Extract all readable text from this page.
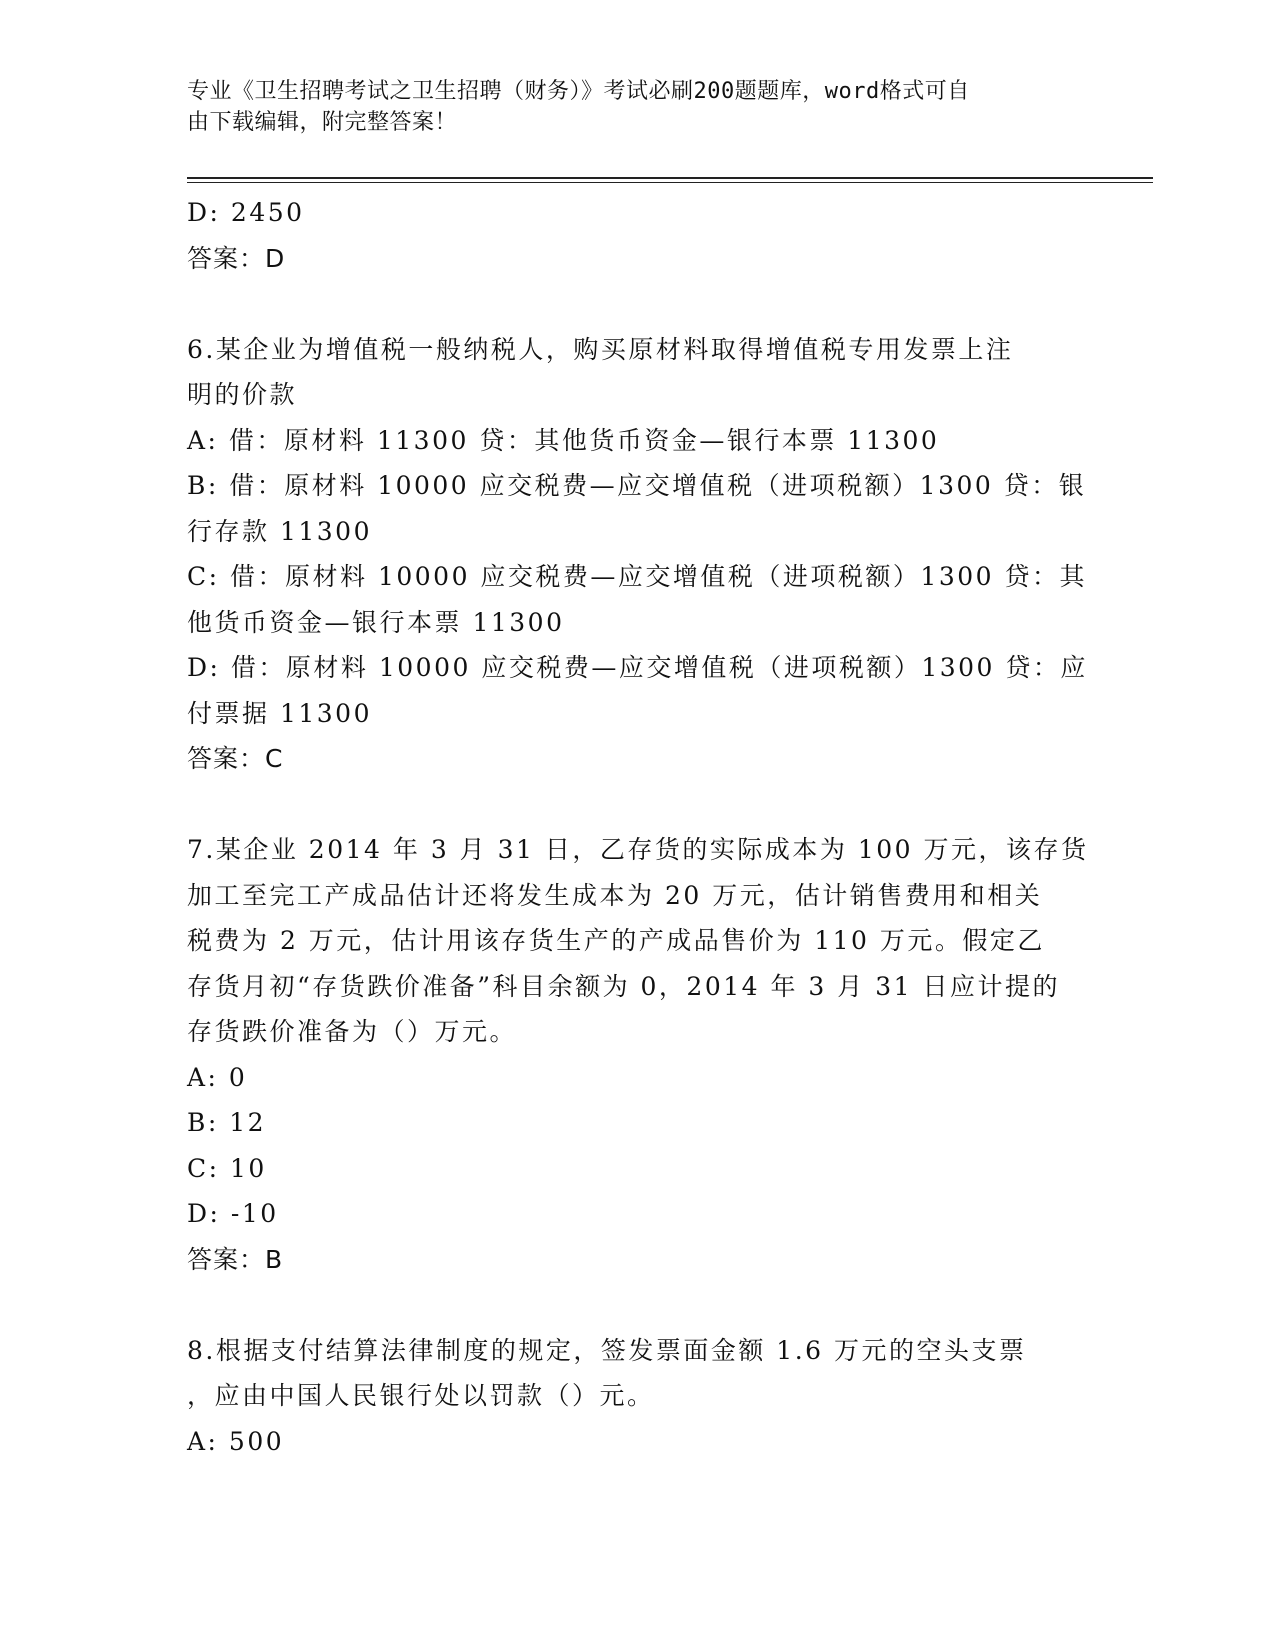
专业《卫生招聘考试之卫生招聘（财务）》考试必刷200题题库，word格式可自
由下载编辑，附完整答案！
D: 2450
答案：D
6.某企业为增值税一般纳税人，购买原材料取得增值税专用发票上注
明的价款
A: 借：原材料 11300 贷：其他货币资金—银行本票 11300
B: 借：原材料 10000 应交税费—应交增值税（进项税额）1300 贷：银
行存款 11300
C: 借：原材料 10000 应交税费—应交增值税（进项税额）1300 贷：其
他货币资金—银行本票 11300
D: 借：原材料 10000 应交税费—应交增值税（进项税额）1300 贷：应
付票据 11300
答案：C
7.某企业 2014 年 3 月 31 日，乙存货的实际成本为 100 万元，该存货
加工至完工产成品估计还将发生成本为 20 万元，估计销售费用和相关
税费为 2 万元，估计用该存货生产的产成品售价为 110 万元。假定乙
存货月初“存货跌价准备”科目余额为 0，2014 年 3 月 31 日应计提的
存货跌价准备为（）万元。
A: 0
B: 12
C: 10
D: -10
答案：B
8.根据支付结算法律制度的规定，签发票面金额 1.6 万元的空头支票
，应由中国人民银行处以罚款（）元。
A: 500
